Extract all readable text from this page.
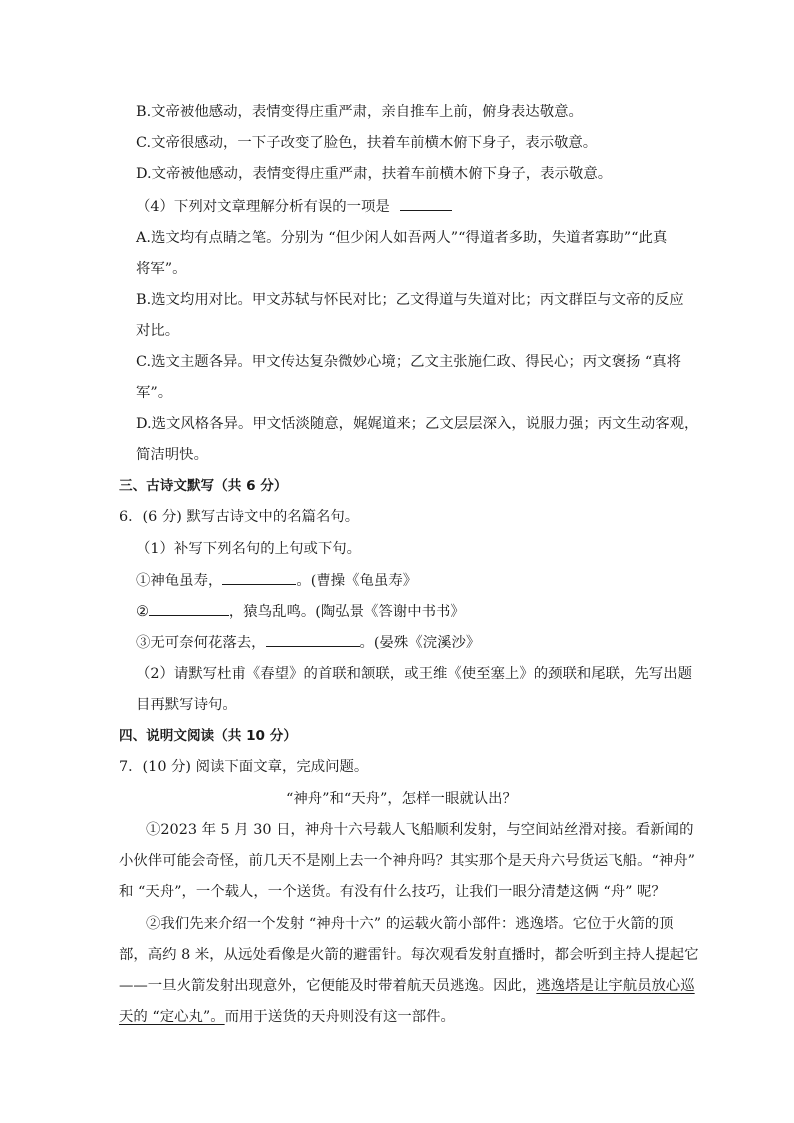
B.文帝被他感动，表情变得庄重严肃，亲自推车上前，俯身表达敬意。
C.文帝很感动，一下子改变了脸色，扶着车前横木俯下身子，表示敬意。
D.文帝被他感动，表情变得庄重严肃，扶着车前横木俯下身子，表示敬意。
（4）下列对文章理解分析有误的一项是
A.选文均有点睛之笔。分别为 “但少闲人如吾两人”“得道者多助，失道者寡助”“此真
将军”。
B.选文均用对比。甲文苏轼与怀民对比；乙文得道与失道对比；丙文群臣与文帝的反应
对比。
C.选文主题各异。甲文传达复杂微妙心境；乙文主张施仁政、得民心；丙文褒扬 “真将
军”。
D.选文风格各异。甲文恬淡随意，娓娓道来；乙文层层深入，说服力强；丙文生动客观，
简洁明快。
三、古诗文默写（共 6 分）
6．(6 分) 默写古诗文中的名篇名句。
（1）补写下列名句的上句或下句。
①神龟虽寿，	。(曹操《龟虽寿》
②	，猿鸟乱鸣。(陶弘景《答谢中书书》
③无可奈何花落去，	。(晏殊《浣溪沙》
（2）请默写杜甫《春望》的首联和颔联，或王维《使至塞上》的颈联和尾联，先写出题
目再默写诗句。
四、说明文阅读（共 10 分）
7．(10 分) 阅读下面文章，完成问题。
“神舟”和“天舟”，怎样一眼就认出？
①2023 年 5 月 30 日，神舟十六号载人飞船顺利发射，与空间站丝滑对接。看新闻的
小伙伴可能会奇怪，前几天不是刚上去一个神舟吗？其实那个是天舟六号货运飞船。“神舟”
和 “天舟”，一个载人，一个送货。有没有什么技巧，让我们一眼分清楚这俩 “舟” 呢？
②我们先来介绍一个发射 “神舟十六” 的运载火箭小部件：逃逸塔。它位于火箭的顶
部，高约 8 米，从远处看像是火箭的避雷针。每次观看发射直播时，都会听到主持人提起它
——一旦火箭发射出现意外，它便能及时带着航天员逃逸。因此，逃逸塔是让宇航员放心巡
天的 “定心丸”。而用于送货的天舟则没有这一部件。
